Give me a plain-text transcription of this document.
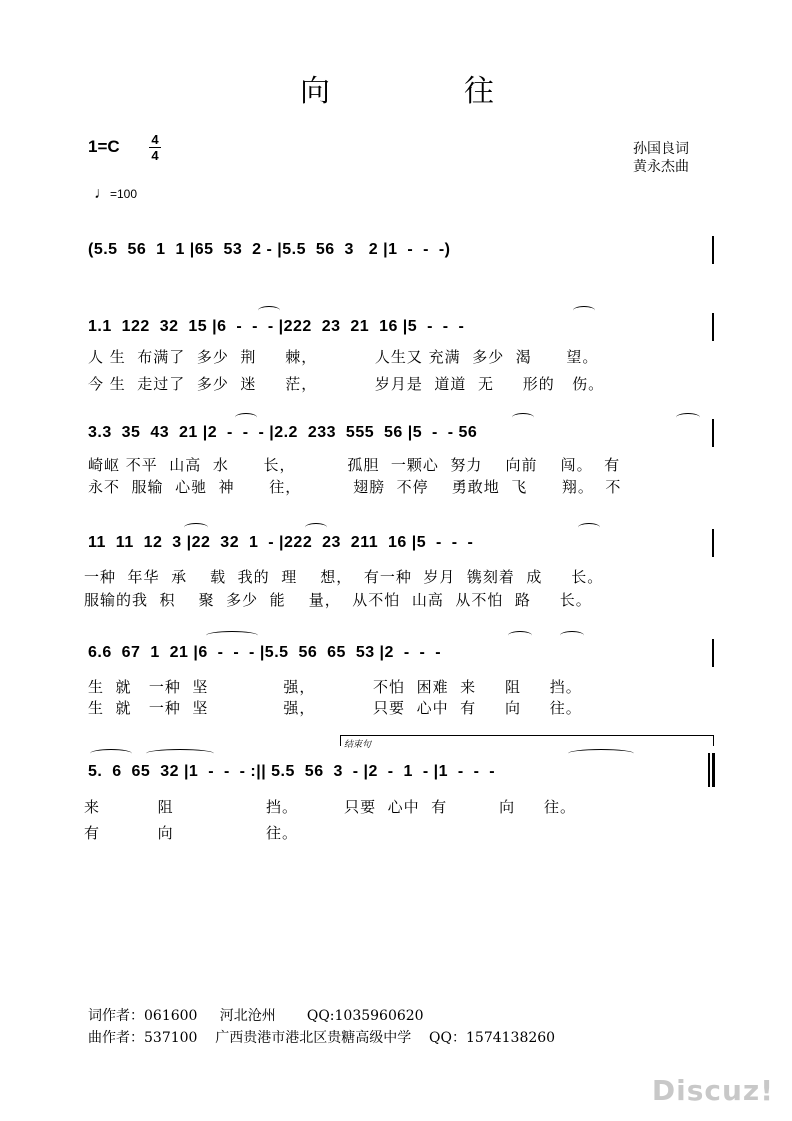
向	往
孙国良词
黄永杰曲
1=C 4
4
♩=100
(5.5  56  1  1 |65  53  2 - |5.5  56  3   2 |1  -  -  -)
1.1  122  32  15 |6  -  -  - |222  23  21  16 |5  -  -  -
人 生  布满了  多少  荆     棘，          人生又 充满  多少  渴      望。
今 生  走过了  多少  迷     茫，          岁月是  道道  无     形的   伤。
3.3  35  43  21 |2  -  -  - |2.2  233  555  56 |5  -  - 56
崎岖 不平  山高  水      长，         孤胆  一颗心  努力    向前    闯。  有
永不  服输  心驰  神      往，         翅膀  不停    勇敢地  飞      翔。  不
11  11  12  3 |22  32  1  - |222  23  211  16 |5  -  -  -
一种  年华  承    载  我的  理    想，  有一种  岁月  镌刻着  成     长。
服输的我  积    聚  多少  能    量，  从不怕  山高  从不怕  路     长。
6.6  67  1  21 |6  -  -  - |5.5  56  65  53 |2  -  -  -
生  就   一种  坚             强，          不怕  困难  来     阻     挡。
生  就   一种  坚             强，          只要  心中  有     向     往。
结束句
5.  6  65  32 |1  -  -  - :|| 5.5  56  3  - |2  -  1  - |1  -  -  -
来          阻                挡。        只要  心中  有         向     往。
有          向                往。
词作者：061600     河北沧州       QQ:1035960620
曲作者：537100    广西贵港市港北区贵糖高级中学    QQ：1574138260
Discuz!
